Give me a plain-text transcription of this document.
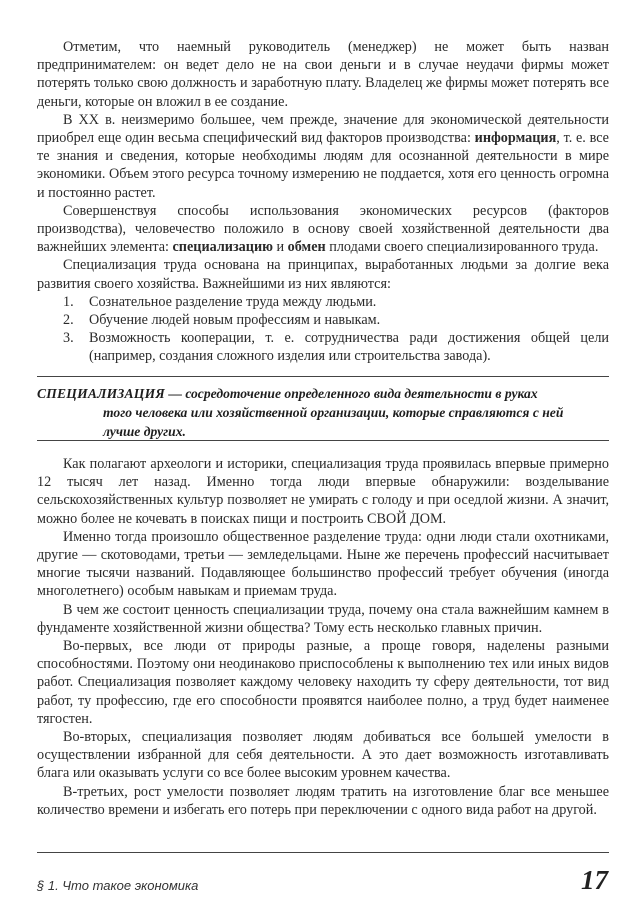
Отметим, что наемный руководитель (менеджер) не может быть назван предпринимателем: он ведет дело не на свои деньги и в случае неудачи фирмы может потерять только свою должность и заработную плату. Владелец же фирмы может потерять все деньги, которые он вложил в ее создание.

В XX в. неизмеримо большее, чем прежде, значение для экономической деятельности приобрел еще один весьма специфический вид факторов производства: информация, т. е. все те знания и сведения, которые необходимы людям для осознанной деятельности в мире экономики. Объем этого ресурса точному измерению не поддается, хотя его ценность огромна и постоянно растет.

Совершенствуя способы использования экономических ресурсов (факторов производства), человечество положило в основу своей хозяйственной деятельности два важнейших элемента: специализацию и обмен плодами своего специализированного труда.

Специализация труда основана на принципах, выработанных людьми за долгие века развития своего хозяйства. Важнейшими из них являются:

1. Сознательное разделение труда между людьми.
2. Обучение людей новым профессиям и навыкам.
3. Возможность кооперации, т. е. сотрудничества ради достижения общей цели (например, создания сложного изделия или строительства завода).
СПЕЦИАЛИЗАЦИЯ — сосредоточение определенного вида деятельности в руках
того человека или хозяйственной организации, которые справляются с ней лучше других.

Как полагают археологи и историки, специализация труда проявилась впервые примерно 12 тысяч лет назад. Именно тогда люди впервые обнаружили: возделывание сельскохозяйственных культур позволяет не умирать с голоду и при оседлой жизни. А значит, можно более не кочевать в поисках пищи и построить СВОЙ ДОМ.

Именно тогда произошло общественное разделение труда: одни люди стали охотниками, другие — скотоводами, третьи — земледельцами. Ныне же перечень профессий насчитывает многие тысячи названий. Подавляющее большинство профессий требует обучения (иногда многолетнего) особым навыкам и приемам труда.

В чем же состоит ценность специализации труда, почему она стала важнейшим камнем в фундаменте хозяйственной жизни общества? Тому есть несколько главных причин.

Во-первых, все люди от природы разные, а проще говоря, наделены разными способностями. Поэтому они неодинаково приспособлены к выполнению тех или иных видов работ. Специализация позволяет каждому человеку находить ту сферу деятельности, тот вид работ, ту профессию, где его способности проявятся наиболее полно, а труд будет наименее тягостен.

Во-вторых, специализация позволяет людям добиваться все большей умелости в осуществлении избранной для себя деятельности. А это дает возможность изготавливать блага или оказывать услуги со все более высоким уровнем качества.

В-третьих, рост умелости позволяет людям тратить на изготовление благ все меньшее количество времени и избегать его потерь при переключении с одного вида работ на другой.

§ 1. Что такое экономика	17
